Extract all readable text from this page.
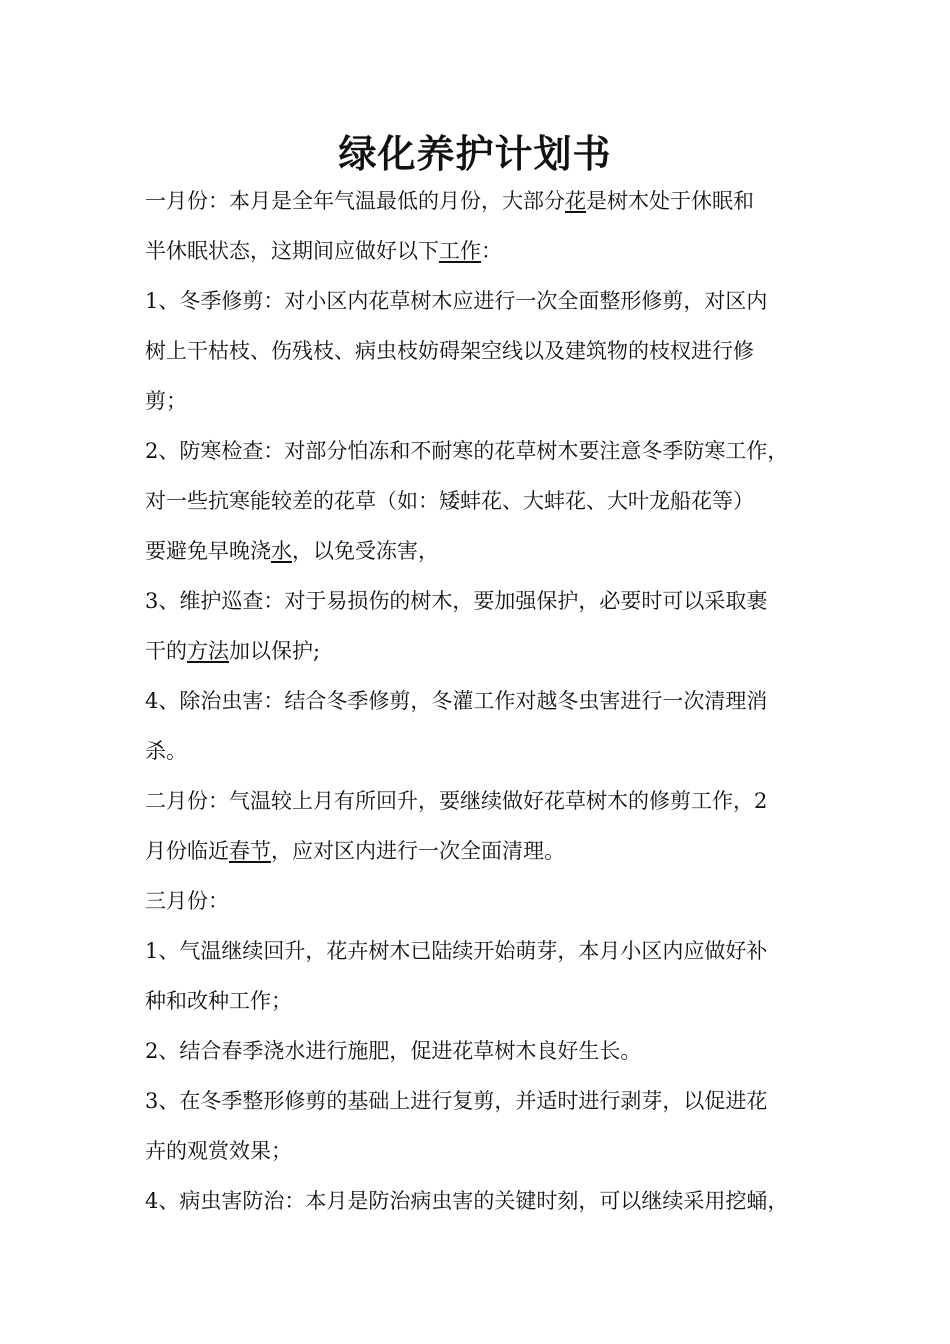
绿化养护计划书
一月份：本月是全年气温最低的月份，大部分花是树木处于休眠和
半休眠状态，这期间应做好以下工作：
1、冬季修剪：对小区内花草树木应进行一次全面整形修剪，对区内
树上干枯枝、伤残枝、病虫枝妨碍架空线以及建筑物的枝杈进行修
剪；
2、防寒检查：对部分怕冻和不耐寒的花草树木要注意冬季防寒工作，
对一些抗寒能较差的花草（如：矮蚌花、大蚌花、大叶龙船花等）
要避免早晚浇水，以免受冻害，
3、维护巡查：对于易损伤的树木，要加强保护，必要时可以采取裹
干的方法加以保护;
4、除治虫害：结合冬季修剪，冬灌工作对越冬虫害进行一次清理消
杀。
二月份：气温较上月有所回升，要继续做好花草树木的修剪工作，2
月份临近春节，应对区内进行一次全面清理。
三月份：
1、气温继续回升，花卉树木已陆续开始萌芽，本月小区内应做好补
种和改种工作；
2、结合春季浇水进行施肥，促进花草树木良好生长。
3、在冬季整形修剪的基础上进行复剪，并适时进行剥芽，以促进花
卉的观赏效果；
4、病虫害防治：本月是防治病虫害的关键时刻，可以继续采用挖蛹，
